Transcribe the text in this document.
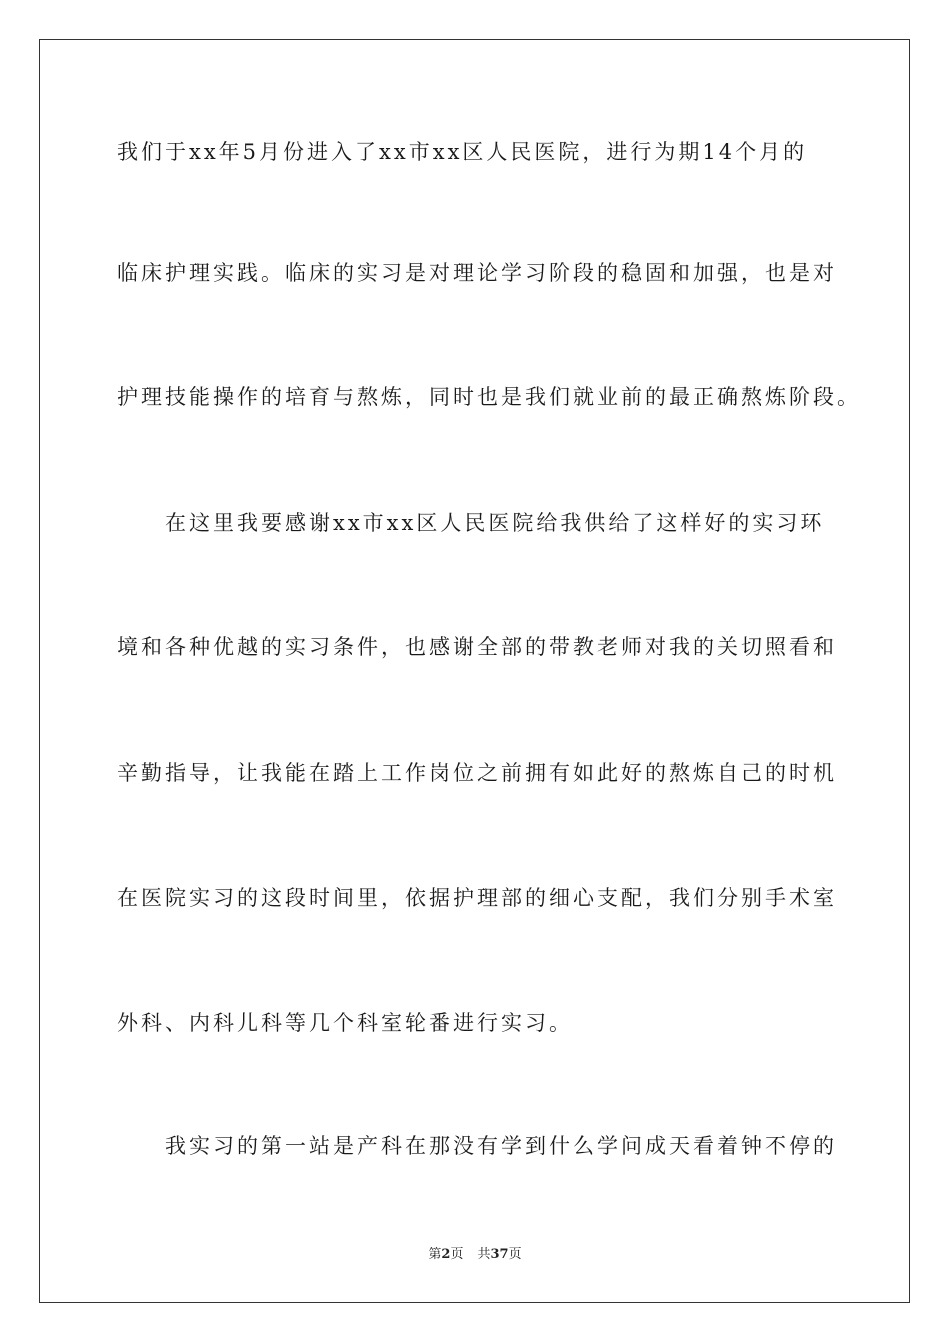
我们于xx年5月份进入了xx市xx区人民医院，进行为期14个月的
临床护理实践。临床的实习是对理论学习阶段的稳固和加强，也是对
护理技能操作的培育与熬炼，同时也是我们就业前的最正确熬炼阶段。
在这里我要感谢xx市xx区人民医院给我供给了这样好的实习环
境和各种优越的实习条件，也感谢全部的带教老师对我的关切照看和
辛勤指导，让我能在踏上工作岗位之前拥有如此好的熬炼自己的时机
在医院实习的这段时间里，依据护理部的细心支配，我们分别手术室
外科、内科儿科等几个科室轮番进行实习。
我实习的第一站是产科在那没有学到什么学问成天看着钟不停的
第2页 共37页
